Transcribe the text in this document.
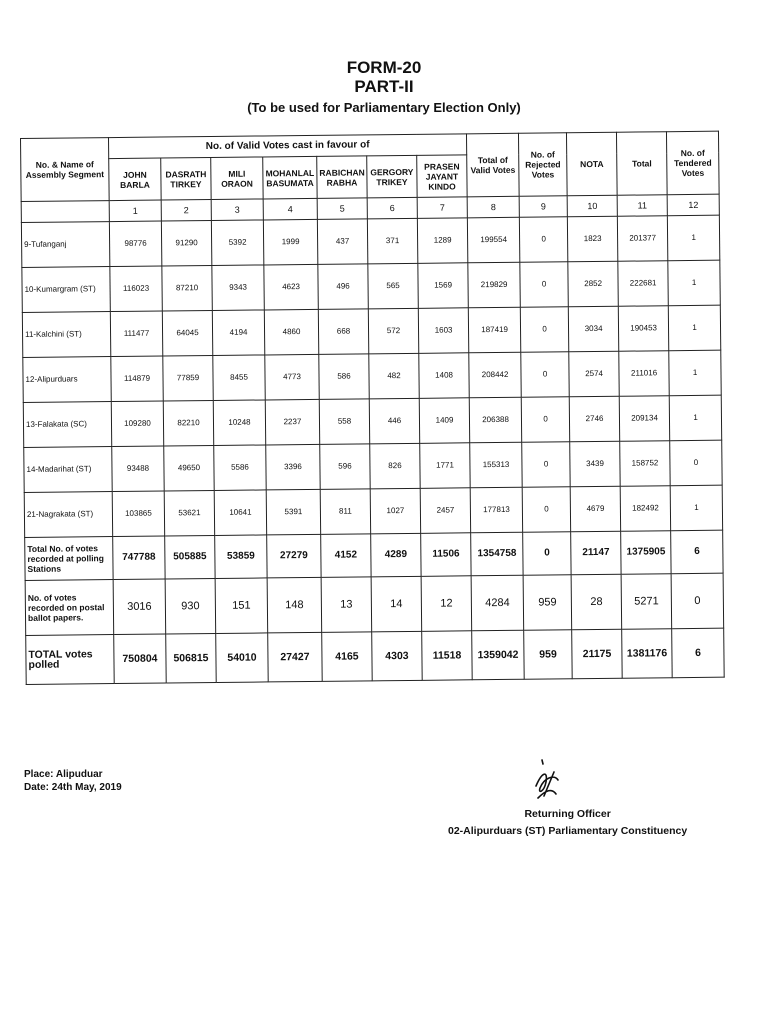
FORM-20
PART-II
(To be used for Parliamentary Election Only)
No. & Name of Assembly Segment	No. of Valid Votes cast in favour of							Total of Valid Votes	No. of Rejected Votes	NOTA	Total	No. of Tendered Votes
	JOHN BARLA	DASRATH TIRKEY	MILI ORAON	MOHANLAL BASUMATA	RABICHAN RABHA	GERGORY TRIKEY	PRASEN JAYANT KINDO					
	1	2	3	4	5	6	7	8	9	10	11	12
9-Tufanganj	98776	91290	5392	1999	437	371	1289	199554	0	1823	201377	1
10-Kumargram (ST)	116023	87210	9343	4623	496	565	1569	219829	0	2852	222681	1
11-Kalchini (ST)	111477	64045	4194	4860	668	572	1603	187419	0	3034	190453	1
12-Alipurduars	114879	77859	8455	4773	586	482	1408	208442	0	2574	211016	1
13-Falakata (SC)	109280	82210	10248	2237	558	446	1409	206388	0	2746	209134	1
14-Madarihat (ST)	93488	49650	5586	3396	596	826	1771	155313	0	3439	158752	0
21-Nagrakata (ST)	103865	53621	10641	5391	811	1027	2457	177813	0	4679	182492	1
Total No. of votes recorded at polling Stations	747788	505885	53859	27279	4152	4289	11506	1354758	0	21147	1375905	6
No. of votes recorded on postal ballot papers.	3016	930	151	148	13	14	12	4284	959	28	5271	0
TOTAL votes polled	750804	506815	54010	27427	4165	4303	11518	1359042	959	21175	1381176	6
Place: Alipuduar
Date: 24th May, 2019
Returning Officer
02-Alipurduars (ST) Parliamentary Constituency
